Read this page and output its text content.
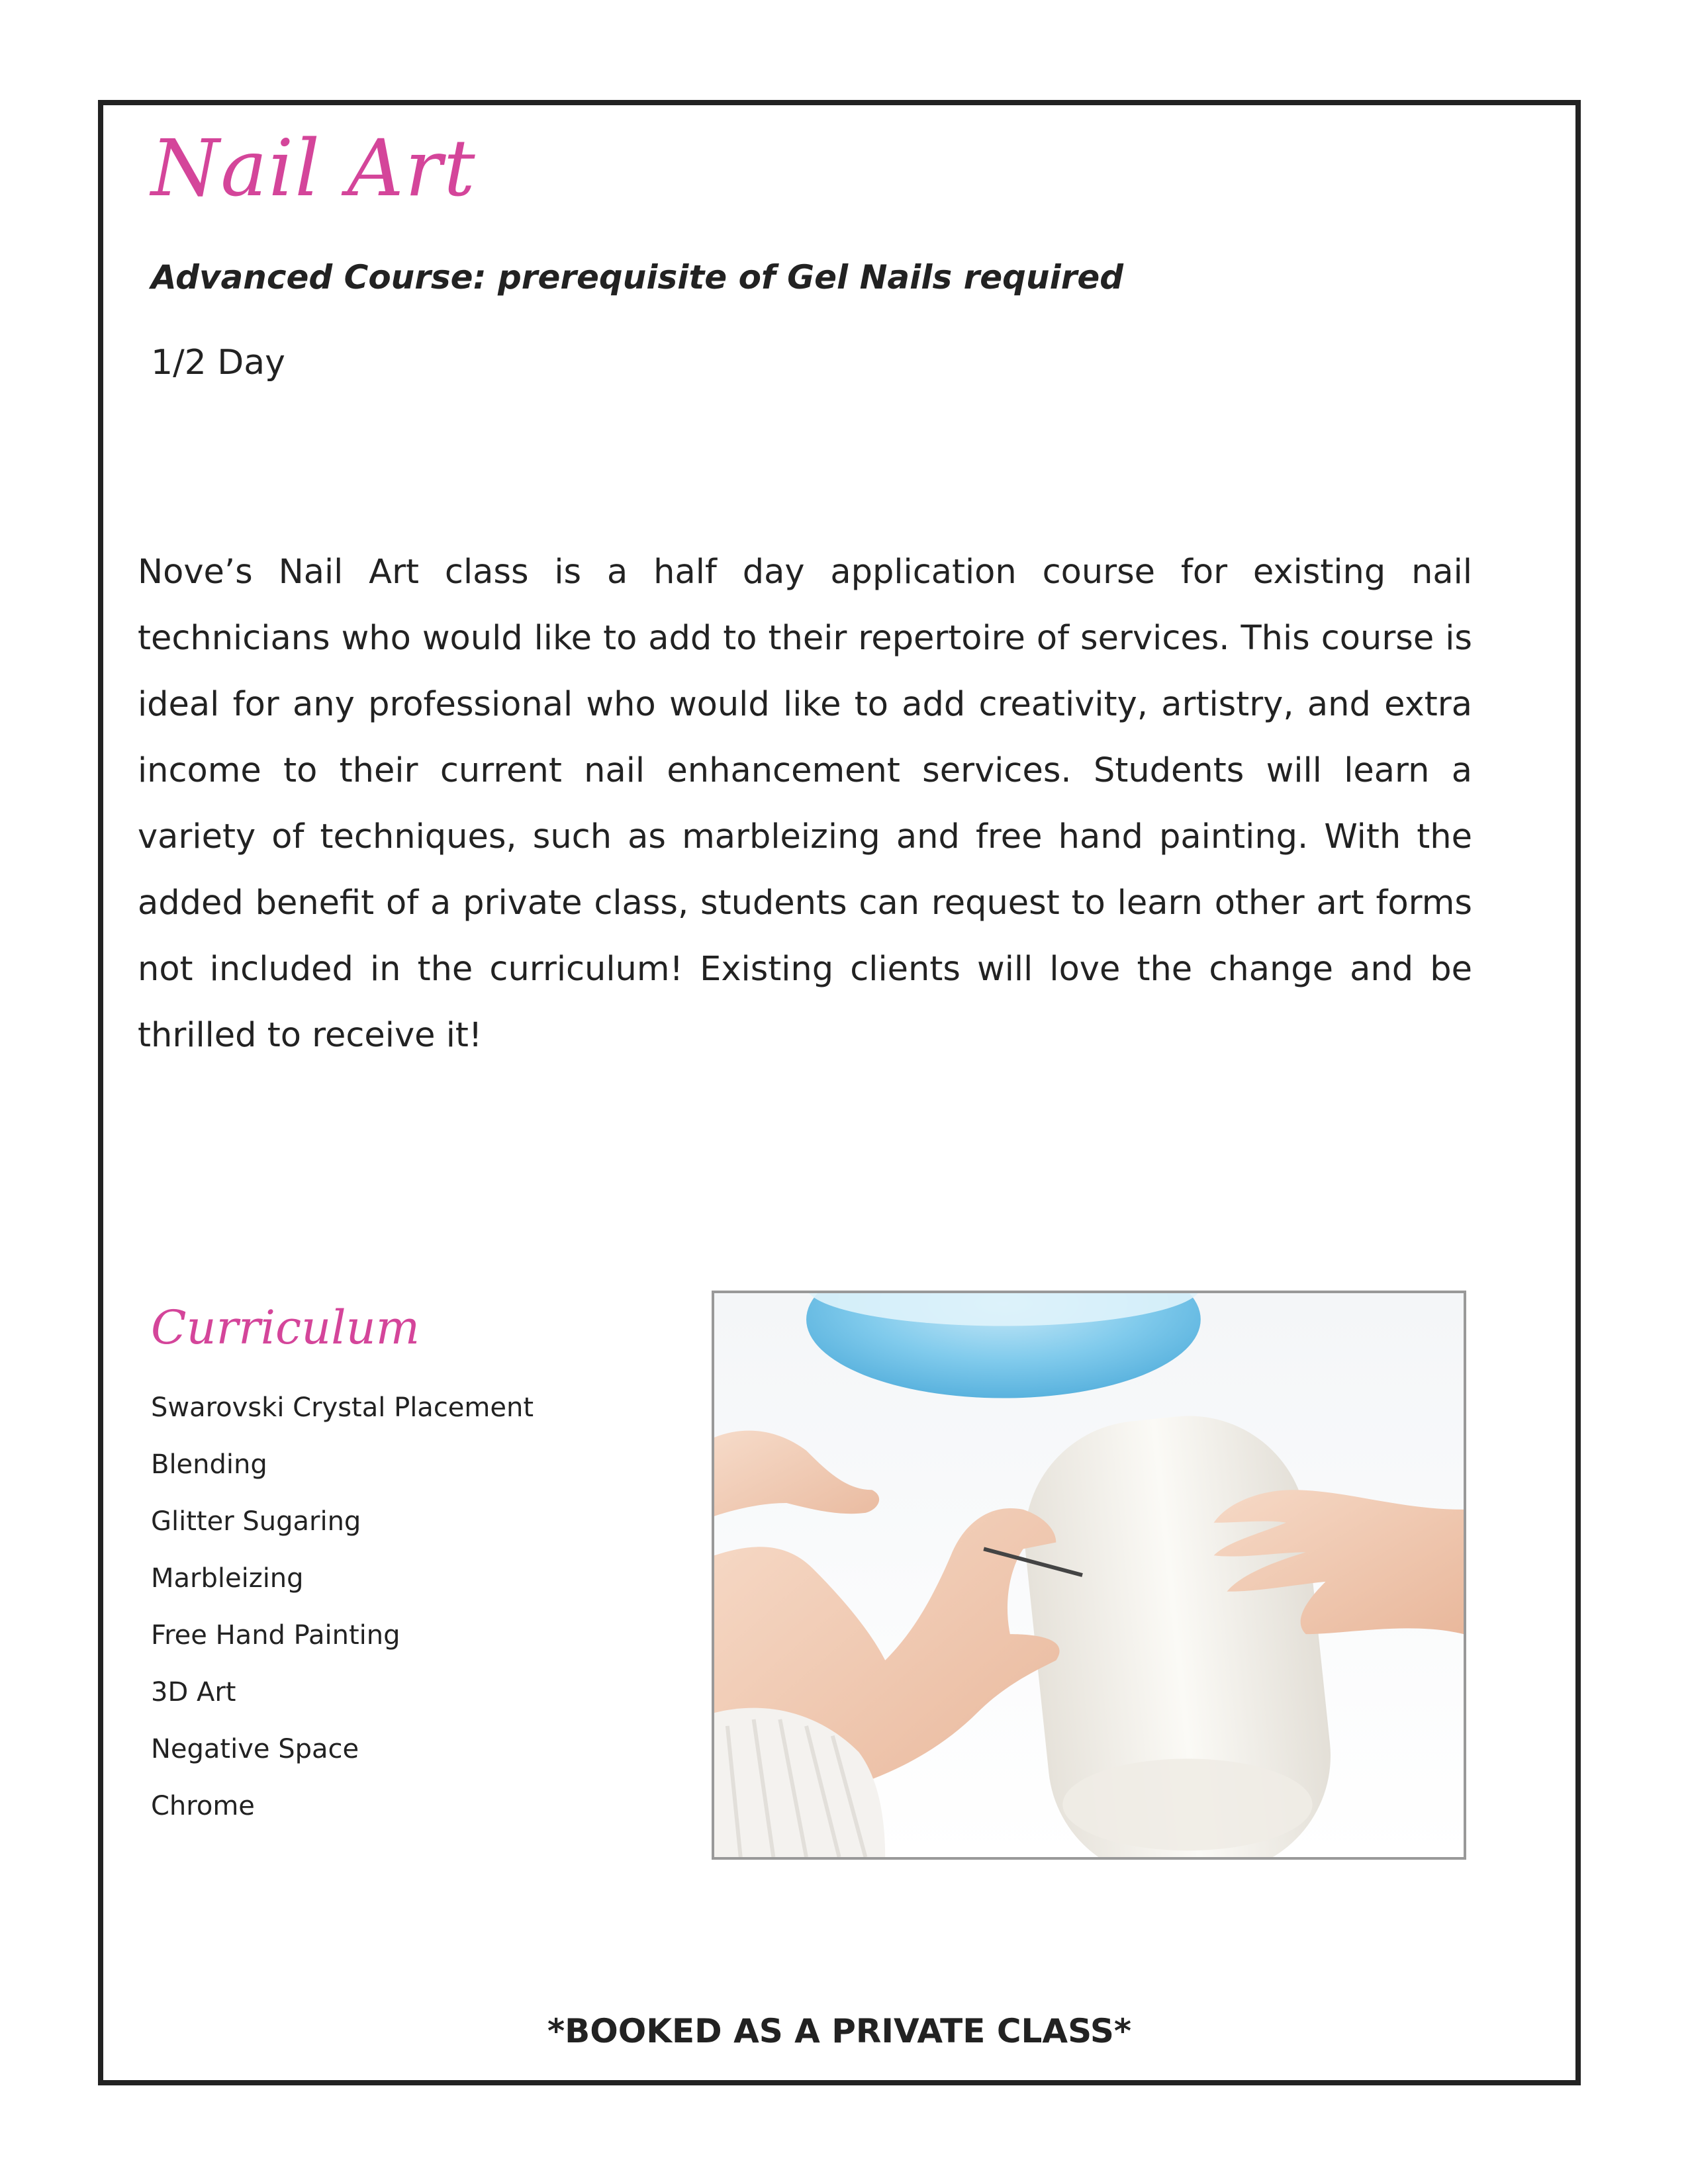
Nail Art

Advanced Course: prerequisite of Gel Nails required

1/2 Day

Nove’s Nail Art class is a half day application course for existing nail technicians who would like to add to their repertoire of services. This course is ideal for any professional who would like to add creativity, artistry, and extra income to their current nail enhancement services. Students will learn a variety of techniques, such as marbleizing and free hand painting. With the added benefit of a private class, students can request to learn other art forms not included in the curriculum! Existing clients will love the change and be thrilled to receive it!

Curriculum
Swarovski Crystal Placement
Blending
Glitter Sugaring
Marbleizing
Free Hand Painting
3D Art
Negative Space
Chrome

*BOOKED AS A PRIVATE CLASS*
